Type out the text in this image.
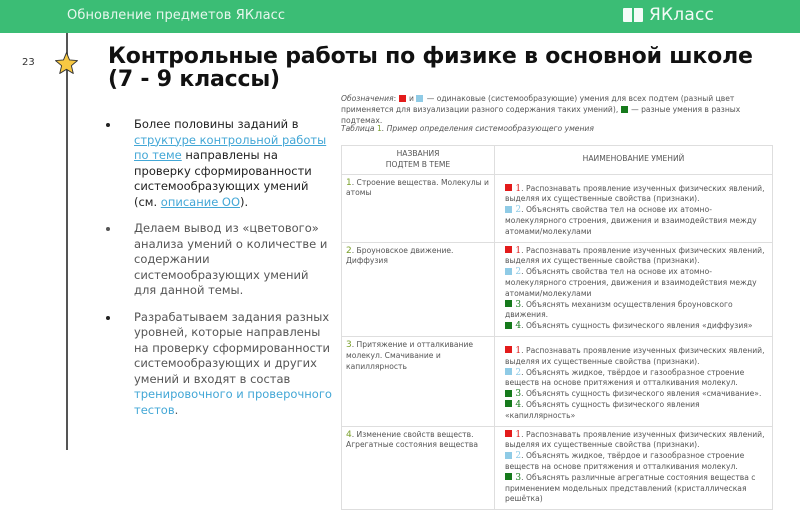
Обновление предметов ЯКласс	ЯКласс
23	Контрольные работы по физике в основной школе
(7 - 9 классы)
Более половины заданий в структуре контрольной работы по теме направлены на проверку сформированности системообразующих умений (см. описание ОО).
Делаем вывод из «цветового» анализа умений о количестве и содержании системообразующих умений для данной темы.
Разрабатываем задания разных уровней, которые направлены на проверку сформированности системообразующих и других умений и входят в состав тренировочного и проверочного тестов.
Обозначения:  и — одинаковые (системообразующие) умения для всех подтем (разный цвет применяется для визуализации разного содержания таких умений), — разные умения в разных подтемах.
Таблица 1. Пример определения системообразующего умения
НАЗВАНИЯ
ПОДТЕМ В ТЕМЕ	НАИМЕНОВАНИЕ УМЕНИЙ
1. Строение вещества. Молекулы и атомы	1. Распознавать проявление изученных физических явлений, выделяя их существенные свойства (признаки).
2. Объяснять свойства тел на основе их атомно-молекулярного строения, движения и взаимодействия между атомами/молекулами

2. Броуновское движение. Диффузия	1. Распознавать проявление изученных физических явлений, выделяя их существенные свойства (признаки).
2. Объяснять свойства тел на основе их атомно-молекулярного строения, движения и взаимодействия между атомами/молекулами
3. Объяснять механизм осуществления броуновского движения.
4. Объяснять сущность физического явления «диффузия»

3. Притяжение и отталкивание молекул. Смачивание и капиллярность	1. Распознавать проявление изученных физических явлений, выделяя их существенные свойства (признаки).
2. Объяснять жидкое, твёрдое и газообразное строение веществ на основе притяжения и отталкивания молекул.
3. Объяснять сущность физического явления «смачивание».
4. Объяснять сущность физического явления «капиллярность»

4. Изменение свойств веществ. Агрегатные состояния вещества	1. Распознавать проявление изученных физических явлений, выделяя их существенные свойства (признаки).
2. Объяснять жидкое, твёрдое и газообразное строение веществ на основе притяжения и отталкивания молекул.
3. Объяснять различные агрегатные состояния вещества с применением модельных представлений (кристаллическая решётка)
